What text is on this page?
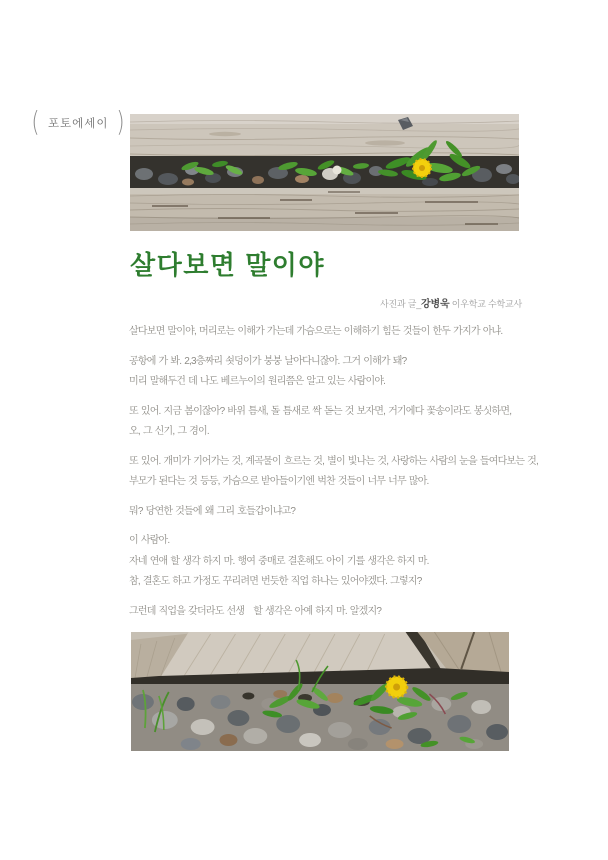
( 포토에세이 )
살다보면 말이야
사진과 글_강병욱 이우학교 수학교사

살다보면 말이야, 머리로는 이해가 가는데 가슴으로는 이해하기 힘든 것들이 한두 가지가 아냐.

공항에 가 봐. 2,3층짜리 쇳덩이가 붕붕 날아다니잖아. 그거 이해가 돼?
미리 말해두건 데 나도 베르누이의 원리쯤은 알고 있는 사람이야.

또 있어. 지금 봄이잖아? 바위 틈새, 돌 틈새로 싹 돋는 것 보자면, 거기에다 꽃송이라도 봉싯하면,
오, 그 신기, 그 경이.

또 있어. 개미가 기어가는 것, 계곡물이 흐르는 것, 별이 빛나는 것, 사랑하는 사람의 눈을 들여다보는 것,
부모가 된다는 것 등등, 가슴으로 받아들이기엔 벅찬 것들이 너무 너무 많아.

뭐? 당연한 것들에 왜 그리 호들갑이냐고?

이 사람아.
자네 연애 할 생각 하지 마. 행여 중매로 결혼해도 아이 기를 생각은 하지 마.
참, 결혼도 하고 가정도 꾸리려면 번듯한 직업 하나는 있어야겠다. 그렇지?

그런데 직업을 갖더라도 선생   할 생각은 아예 하지 마. 알겠지?
